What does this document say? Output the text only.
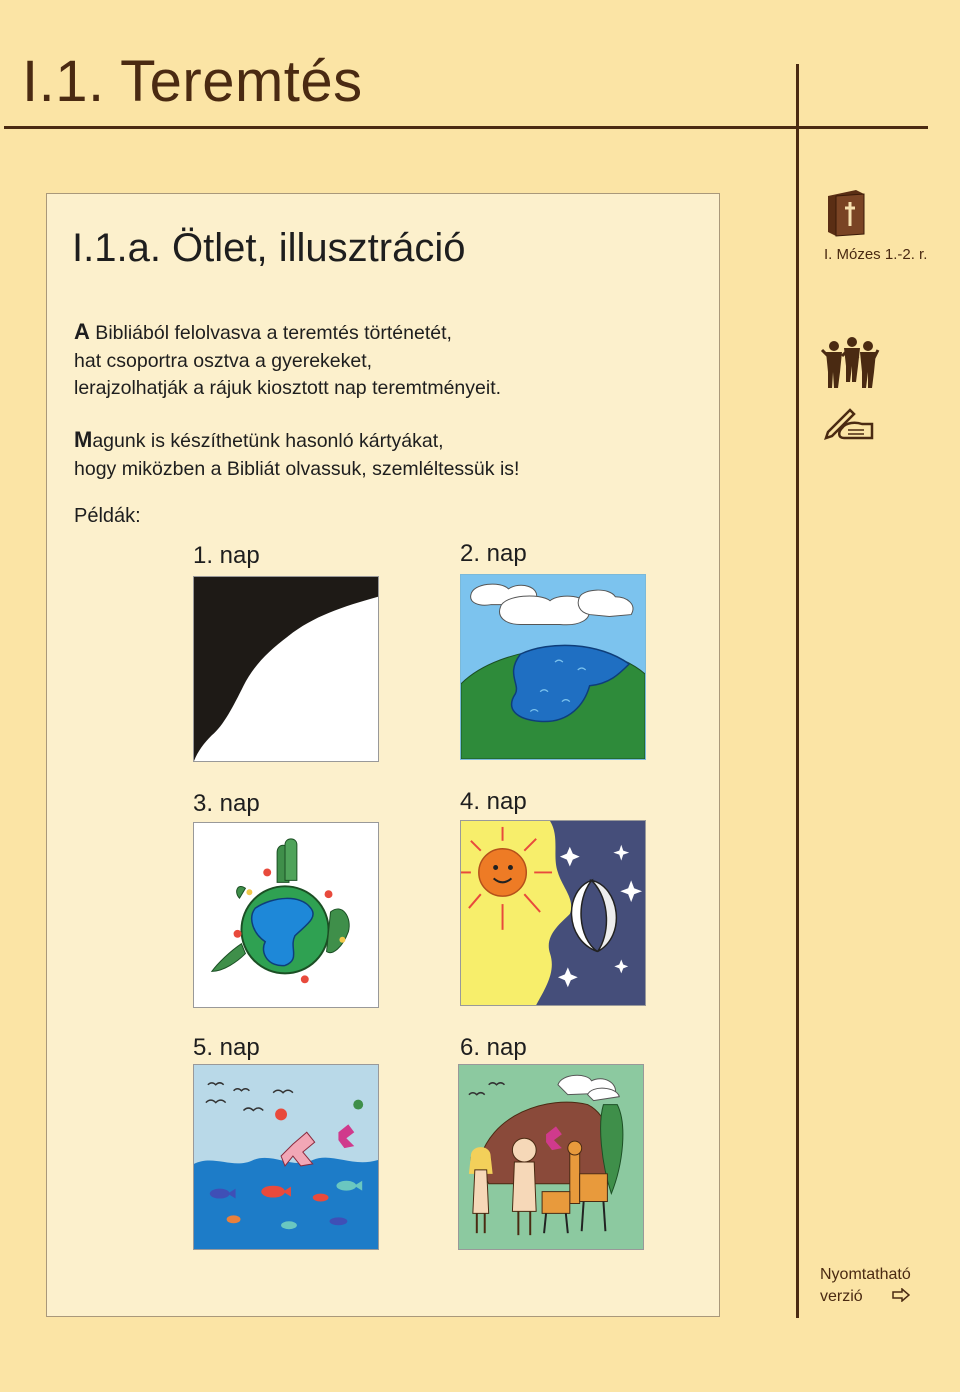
I.1. Teremtés
I.1.a. Ötlet, illusztráció

A Bibliából felolvasva a teremtés történetét,
hat csoportra osztva a gyerekeket,
lerajzolhatják a rájuk kiosztott nap teremtményeit.

Magunk is készíthetünk hasonló kártyákat,
hogy miközben a Bibliát olvassuk, szemléltessük is!

Példák:
1. nap	2. nap
3. nap	4. nap
5. nap	6. nap
I. Mózes 1.-2. r.
Nyomtatható
verzió
